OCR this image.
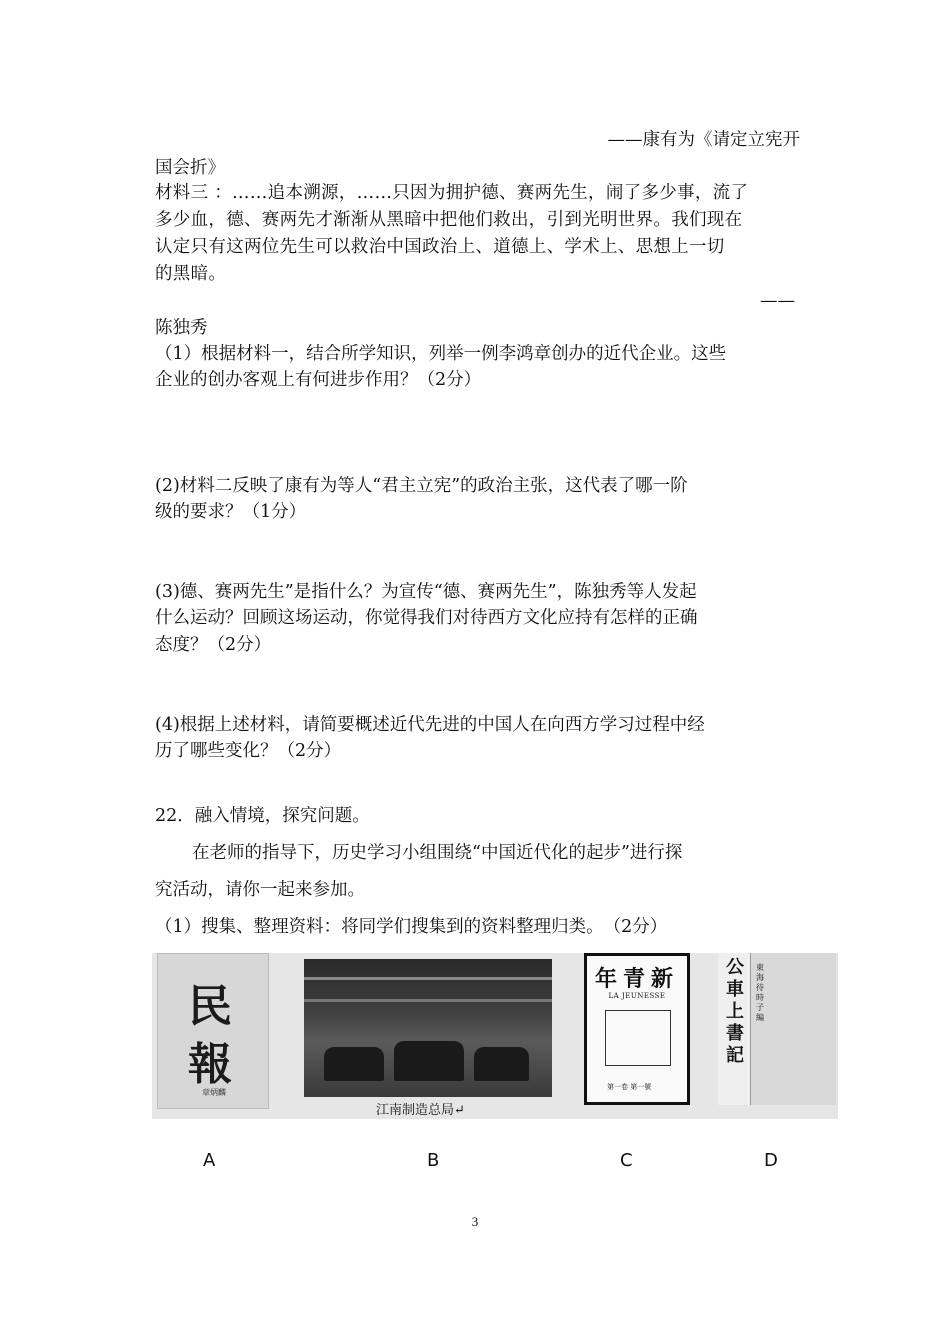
——康有为《请定立宪开
国会折》
材料三 ：……追本溯源，……只因为拥护德、赛两先生，闹了多少事，流了
多少血，德、赛两先才渐渐从黑暗中把他们救出，引到光明世界。我们现在
认定只有这两位先生可以救治中国政治上、道德上、学术上、思想上一切
的黑暗。
——
陈独秀
（1）根据材料一，结合所学知识，列举一例李鸿章创办的近代企业。这些
企业的创办客观上有何进步作用？（2分）
(2)材料二反映了康有为等人“君主立宪”的政治主张，这代表了哪一阶
级的要求？（1分）
(3)德、赛两先生”是指什么？为宣传“德、赛两先生”，陈独秀等人发起
什么运动？回顾这场运动，你觉得我们对待西方文化应持有怎样的正确
态度？（2分）
(4)根据上述材料，请简要概述近代先进的中国人在向西方学习过程中经
历了哪些变化？（2分）
22．融入情境，探究问题。
在老师的指导下，历史学习小组围绕“中国近代化的起步”进行探
究活动，请你一起来参加。
（1）搜集、整理资料：将同学们搜集到的资料整理归类。　（2分）
民
報
章炳麟
年青新
LA JEUNESSE
第一卷 第一號
公車上書記
東海待時子編
江南制造总局↵
A	B	C	D
3
